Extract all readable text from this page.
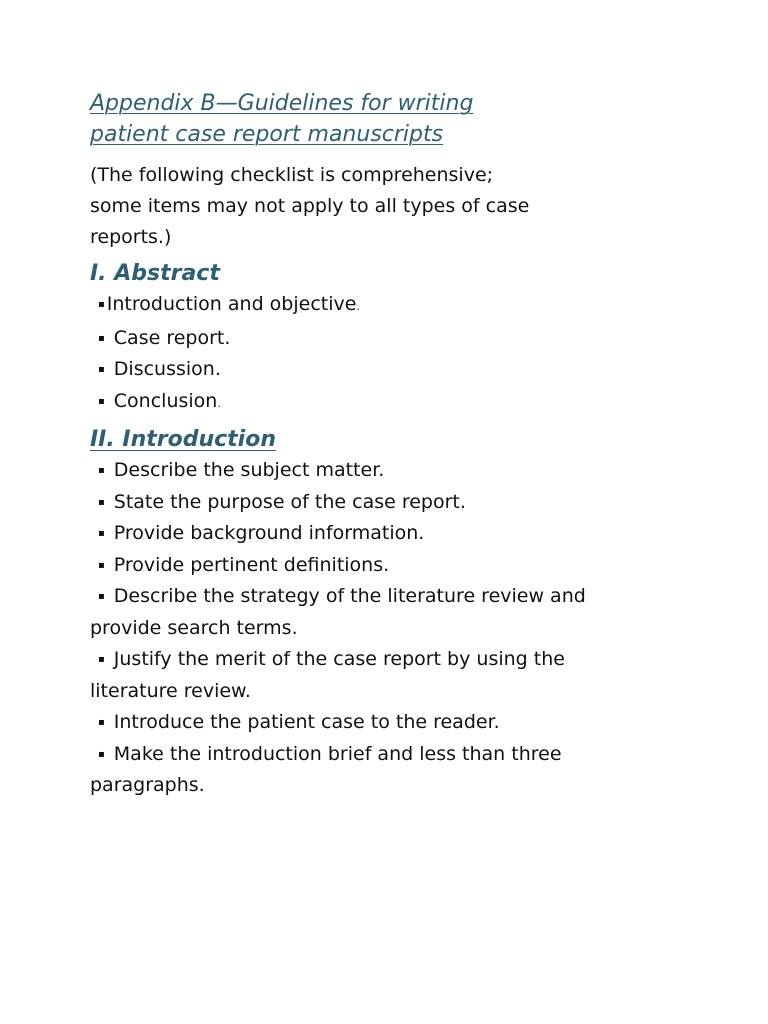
Appendix B—Guidelines for writing
patient case report manuscripts

(The following checklist is comprehensive;
some items may not apply to all types of case
reports.)

I. Abstract
▪ Introduction and objective.
▪ Case report.
▪ Discussion.
▪ Conclusion.
II. Introduction
▪ Describe the subject matter.
▪ State the purpose of the case report.
▪ Provide background information.
▪ Provide pertinent definitions.
▪ Describe the strategy of the literature review and
provide search terms.
▪ Justify the merit of the case report by using the
literature review.
▪ Introduce the patient case to the reader.
▪ Make the introduction brief and less than three
paragraphs.
